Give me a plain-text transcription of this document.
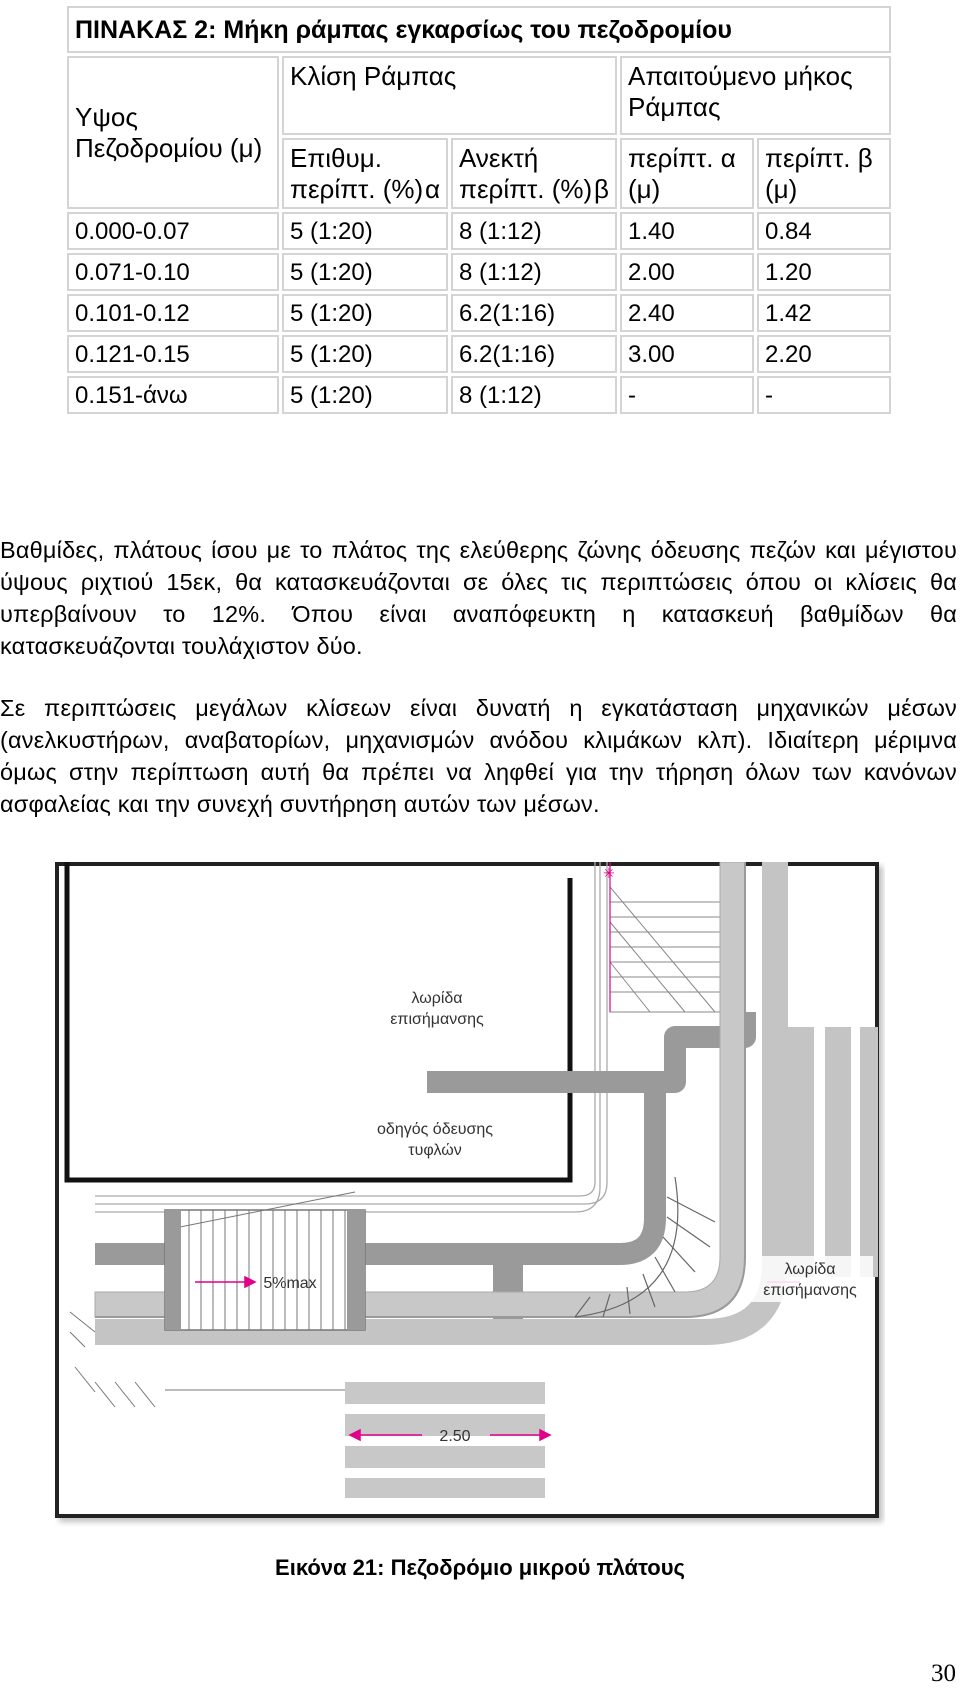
ΠΙΝΑΚΑΣ 2: Μήκη ράμπας εγκαρσίως του πεζοδρομίου				
Υψος Πεζοδρομίου (μ)	Κλίση Ράμπας		Απαιτούμενο μήκος Ράμπας	

	Επιθυμ. περίπτ. (%) α	Ανεκτή περίπτ. (%) β	περίπτ. α (μ)	περίπτ. β (μ)
0.000-0.07	5 (1:20)	8 (1:12)	1.40	0.84
0.071-0.10	5 (1:20)	8 (1:12)	2.00	1.20
0.101-0.12	5 (1:20)	6.2(1:16)	2.40	1.42
0.121-0.15	5 (1:20)	6.2(1:16)	3.00	2.20
0.151-άνω	5 (1:20)	8 (1:12)	-	-

Βαθμίδες, πλάτους ίσου με το πλάτος της ελεύθερης ζώνης όδευσης πεζών και μέγιστου ύψους ριχτιού 15εκ, θα κατασκευάζονται σε όλες τις περιπτώσεις όπου οι κλίσεις θα υπερβαίνουν το 12%. Όπου είναι αναπόφευκτη η κατασκευή βαθμίδων θα κατασκευάζονται τουλάχιστον δύο.

Σε περιπτώσεις μεγάλων κλίσεων είναι δυνατή η εγκατάσταση μηχανικών μέσων (ανελκυστήρων, αναβατορίων, μηχανισμών ανόδου κλιμάκων κλπ). Ιδιαίτερη μέριμνα όμως στην περίπτωση αυτή θα πρέπει να ληφθεί για την τήρηση όλων των κανόνων ασφαλείας και την συνεχή συντήρηση αυτών των μέσων.

✳
λωρίδα
επισήμανσης
οδηγός όδευσης
τυφλών
λωρίδα
επισήμανσης
5%max
2.50
Εικόνα 21: Πεζοδρόμιο μικρού πλάτους
30
